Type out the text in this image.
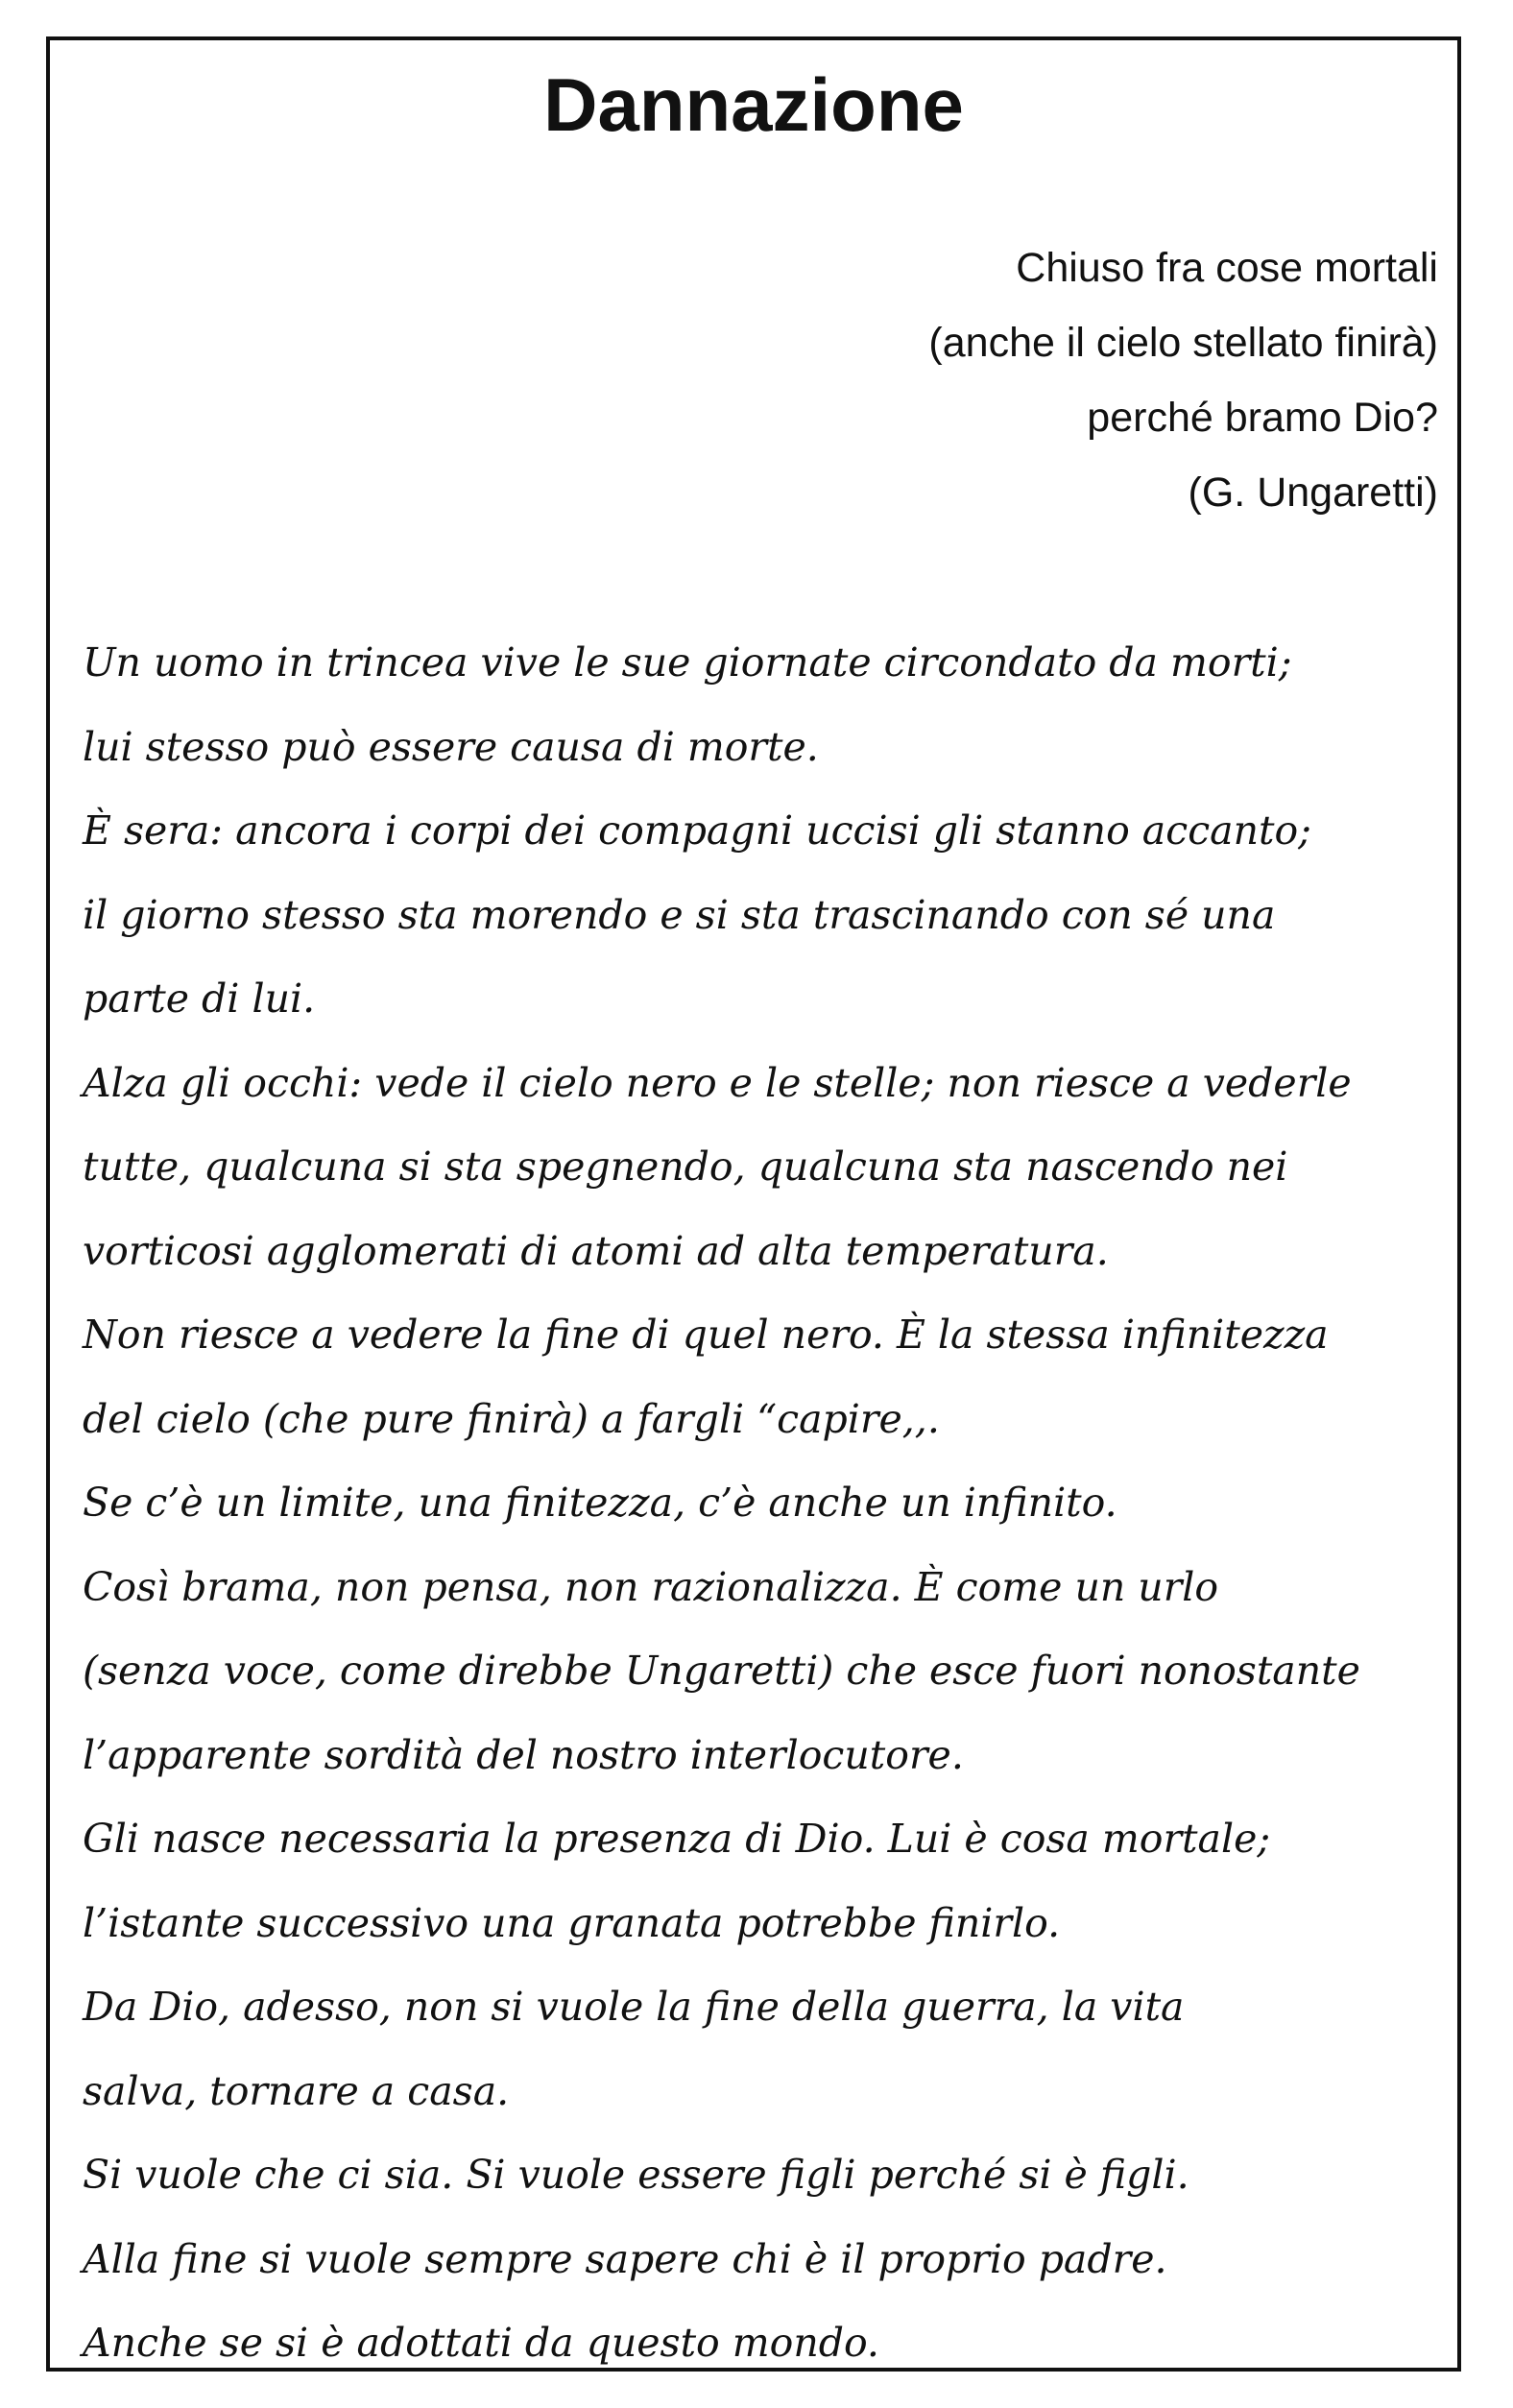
Dannazione
Chiuso fra cose mortali
(anche il cielo stellato finirà)
perché bramo Dio?
(G. Ungaretti)
Un uomo in trincea vive le sue giornate circondato da morti;
lui stesso può essere causa di morte.
È sera: ancora i corpi dei compagni uccisi gli stanno accanto;
il giorno stesso sta morendo e si sta trascinando con sé una
parte di lui.
Alza gli occhi: vede il cielo nero e le stelle; non riesce a vederle
tutte, qualcuna si sta spegnendo, qualcuna sta nascendo nei
vorticosi agglomerati di atomi ad alta temperatura.
Non riesce a vedere la fine di quel nero. È la stessa infinitezza
del cielo (che pure finirà) a fargli “capire,,.
Se c’è un limite, una finitezza, c’è anche un infinito.
Così brama, non pensa, non razionalizza. È come un urlo
(senza voce, come direbbe Ungaretti) che esce fuori nonostante
l’apparente sordità del nostro interlocutore.
Gli nasce necessaria la presenza di Dio. Lui è cosa mortale;
l’istante successivo una granata potrebbe finirlo.
Da Dio, adesso, non si vuole la fine della guerra, la vita
salva, tornare a casa.
Si vuole che ci sia. Si vuole essere figli perché si è figli.
Alla fine si vuole sempre sapere chi è il proprio padre.
Anche se si è adottati da questo mondo.
